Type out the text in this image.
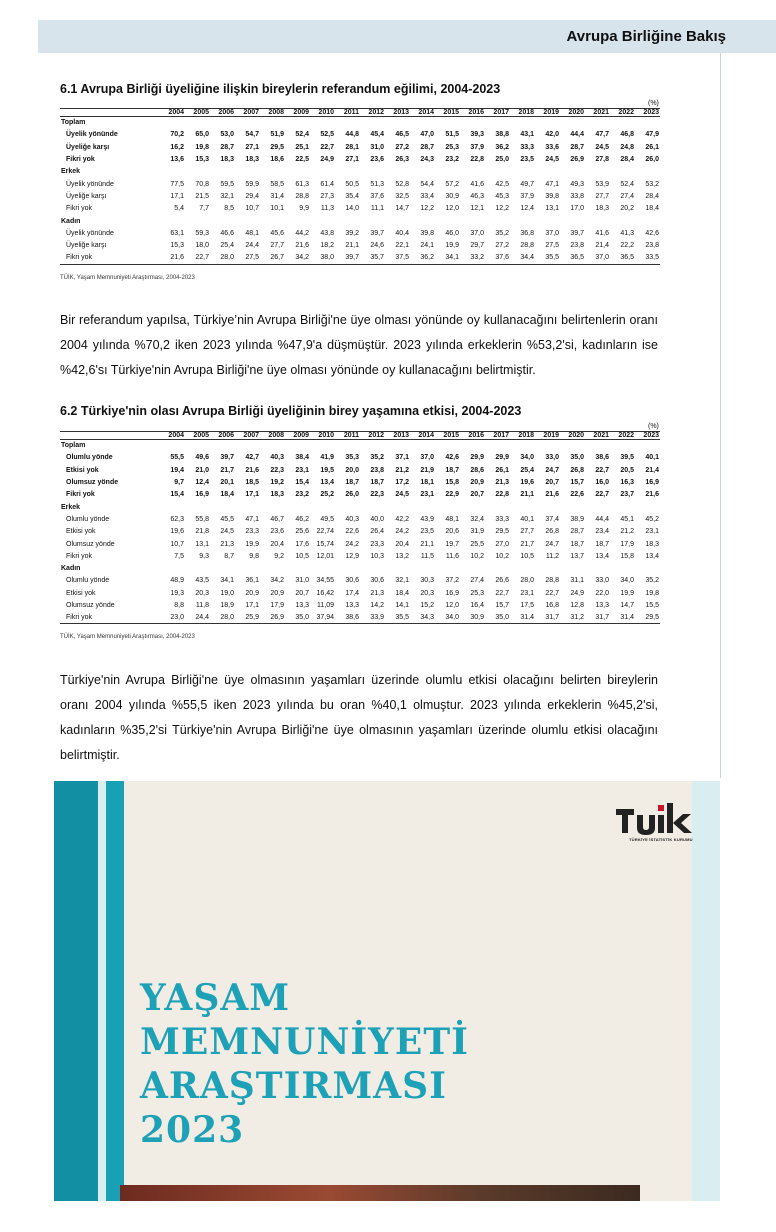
Avrupa Birliğine Bakış
6.1 Avrupa Birliği üyeliğine ilişkin bireylerin referandum eğilimi, 2004-2023
(%)
	2004	2005	2006	2007	2008	2009	2010	2011	2012	2013	2014	2015	2016	2017	2018	2019	2020	2021	2022	2023
Toplam																				
Üyelik yönünde	70,2	65,0	53,0	54,7	51,9	52,4	52,5	44,8	45,4	46,5	47,0	51,5	39,3	38,8	43,1	42,0	44,4	47,7	46,8	47,9
Üyeliğe karşı	16,2	19,8	28,7	27,1	29,5	25,1	22,7	28,1	31,0	27,2	28,7	25,3	37,9	36,2	33,3	33,6	28,7	24,5	24,8	26,1
Fikri yok	13,6	15,3	18,3	18,3	18,6	22,5	24,9	27,1	23,6	26,3	24,3	23,2	22,8	25,0	23,5	24,5	26,9	27,8	28,4	26,0
Erkek																				
Üyelik yönünde	77,5	70,8	59,5	59,9	58,5	61,3	61,4	50,5	51,3	52,8	54,4	57,2	41,6	42,5	49,7	47,1	49,3	53,9	52,4	53,2
Üyeliğe karşı	17,1	21,5	32,1	29,4	31,4	28,8	27,3	35,4	37,6	32,5	33,4	30,9	46,3	45,3	37,9	39,8	33,8	27,7	27,4	28,4
Fikri yok	5,4	7,7	8,5	10,7	10,1	9,9	11,3	14,0	11,1	14,7	12,2	12,0	12,1	12,2	12,4	13,1	17,0	18,3	20,2	18,4
Kadın																				
Üyelik yönünde	63,1	59,3	46,6	48,1	45,6	44,2	43,8	39,2	39,7	40,4	39,8	46,0	37,0	35,2	36,8	37,0	39,7	41,6	41,3	42,6
Üyeliğe karşı	15,3	18,0	25,4	24,4	27,7	21,6	18,2	21,1	24,6	22,1	24,1	19,9	29,7	27,2	28,8	27,5	23,8	21,4	22,2	23,8
Fikri yok	21,6	22,7	28,0	27,5	26,7	34,2	38,0	39,7	35,7	37,5	36,2	34,1	33,2	37,6	34,4	35,5	36,5	37,0	36,5	33,5
TÜİK, Yaşam Memnuniyeti Araştırması, 2004-2023
Bir referandum yapılsa, Türkiye’nin Avrupa Birliği'ne üye olması yönünde oy kullanacağını belirtenlerin oranı 2004 yılında %70,2 iken 2023 yılında %47,9'a düşmüştür. 2023 yılında erkeklerin %53,2'si, kadınların ise %42,6'sı Türkiye'nin Avrupa Birliği'ne üye olması yönünde oy kullanacağını belirtmiştir.
6.2 Türkiye'nin olası Avrupa Birliği üyeliğinin birey yaşamına etkisi, 2004-2023
(%)
	2004	2005	2006	2007	2008	2009	2010	2011	2012	2013	2014	2015	2016	2017	2018	2019	2020	2021	2022	2023
Toplam																				
Olumlu yönde	55,5	49,6	39,7	42,7	40,3	38,4	41,9	35,3	35,2	37,1	37,0	42,6	29,9	29,9	34,0	33,0	35,0	38,6	39,5	40,1
Etkisi yok	19,4	21,0	21,7	21,6	22,3	23,1	19,5	20,0	23,8	21,2	21,9	18,7	28,6	26,1	25,4	24,7	26,8	22,7	20,5	21,4
Olumsuz yönde	9,7	12,4	20,1	18,5	19,2	15,4	13,4	18,7	18,7	17,2	18,1	15,8	20,9	21,3	19,6	20,7	15,7	16,0	16,3	16,9
Fikri yok	15,4	16,9	18,4	17,1	18,3	23,2	25,2	26,0	22,3	24,5	23,1	22,9	20,7	22,8	21,1	21,6	22,6	22,7	23,7	21,6
Erkek																				
Olumlu yönde	62,3	55,8	45,5	47,1	46,7	46,2	49,5	40,3	40,0	42,2	43,9	48,1	32,4	33,3	40,1	37,4	38,9	44,4	45,1	45,2
Etkisi yok	19,6	21,8	24,5	23,3	23,6	25,6	22,74	22,6	26,4	24,2	23,5	20,6	31,9	29,5	27,7	26,8	28,7	23,4	21,2	23,1
Olumsuz yönde	10,7	13,1	21,3	19,9	20,4	17,6	15,74	24,2	23,3	20,4	21,1	19,7	25,5	27,0	21,7	24,7	18,7	18,7	17,9	18,3
Fikri yok	7,5	9,3	8,7	9,8	9,2	10,5	12,01	12,9	10,3	13,2	11,5	11,6	10,2	10,2	10,5	11,2	13,7	13,4	15,8	13,4
Kadın																				
Olumlu yönde	48,9	43,5	34,1	36,1	34,2	31,0	34,55	30,6	30,6	32,1	30,3	37,2	27,4	26,6	28,0	28,8	31,1	33,0	34,0	35,2
Etkisi yok	19,3	20,3	19,0	20,9	20,9	20,7	16,42	17,4	21,3	18,4	20,3	16,9	25,3	22,7	23,1	22,7	24,9	22,0	19,9	19,8
Olumsuz yönde	8,8	11,8	18,9	17,1	17,9	13,3	11,09	13,3	14,2	14,1	15,2	12,0	16,4	15,7	17,5	16,8	12,8	13,3	14,7	15,5
Fikri yok	23,0	24,4	28,0	25,9	26,9	35,0	37,94	38,6	33,9	35,5	34,3	34,0	30,9	35,0	31,4	31,7	31,2	31,7	31,4	29,5
TÜİK, Yaşam Memnuniyeti Araştırması, 2004-2023
Türkiye'nin Avrupa Birliği'ne üye olmasının yaşamları üzerinde olumlu etkisi olacağını belirten bireylerin oranı 2004 yılında %55,5 iken 2023 yılında bu oran %40,1 olmuştur. 2023 yılında erkeklerin %45,2'si, kadınların %35,2'si Türkiye'nin Avrupa Birliği'ne üye olmasının yaşamları üzerinde olumlu etkisi olacağını belirtmiştir.
TÜRKİYE İSTATİSTİK KURUMU
YAŞAM
MEMNUNİYETİ
ARAŞTIRMASI
2023
